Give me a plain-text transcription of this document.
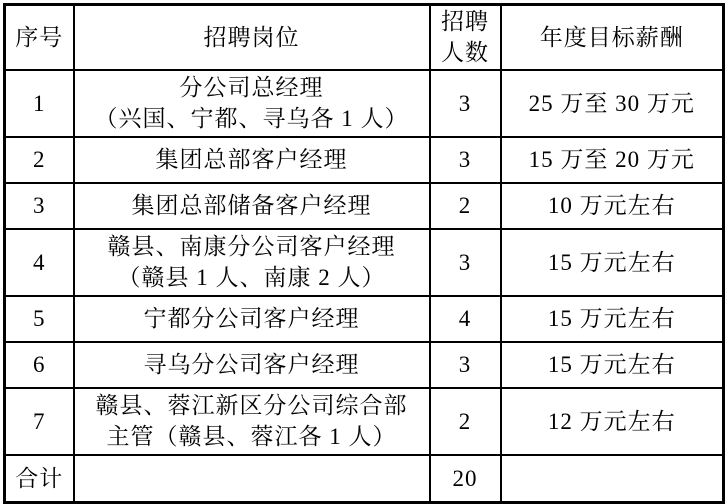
序号	招聘岗位	招聘人数	年度目标薪酬
1	分公司总经理
（兴国、宁都、寻乌各 1 人）	3	25 万至 30 万元
2	集团总部客户经理	3	15 万至 20 万元
3	集团总部储备客户经理	2	10 万元左右
4	赣县、南康分公司客户经理
（赣县 1 人、南康 2 人）	3	15 万元左右
5	宁都分公司客户经理	4	15 万元左右
6	寻乌分公司客户经理	3	15 万元左右
7	赣县、蓉江新区分公司综合部
主管（赣县、蓉江各 1 人）	2	12 万元左右
合计		20	
